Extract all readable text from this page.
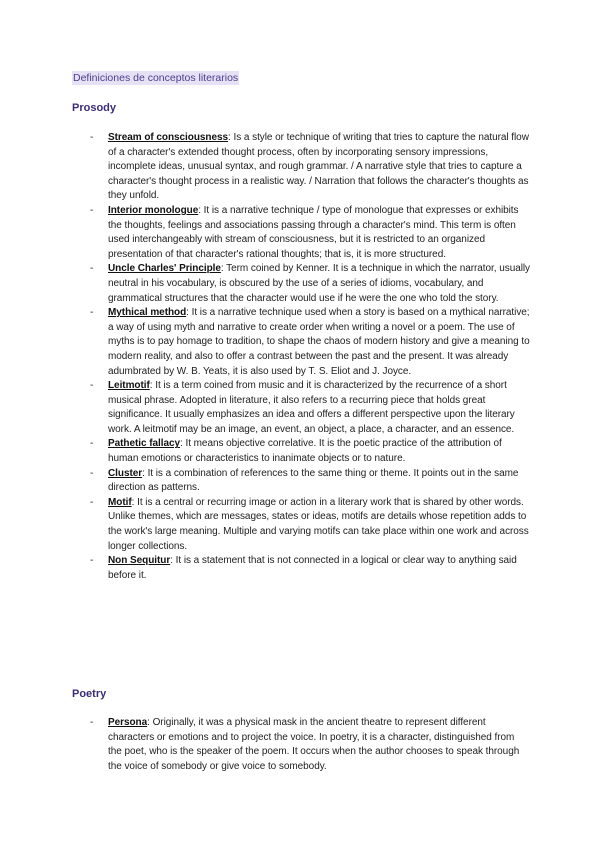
Definiciones de conceptos literarios
Prosody
- Stream of consciousness: Is a style or technique of writing that tries to capture the natural flow of a character's extended thought process, often by incorporating sensory impressions, incomplete ideas, unusual syntax, and rough grammar. / A narrative style that tries to capture a character's thought process in a realistic way. / Narration that follows the character's thoughts as they unfold.
- Interior monologue: It is a narrative technique / type of monologue that expresses or exhibits the thoughts, feelings and associations passing through a character's mind. This term is often used interchangeably with stream of consciousness, but it is restricted to an organized presentation of that character's rational thoughts; that is, it is more structured.
- Uncle Charles' Principle: Term coined by Kenner. It is a technique in which the narrator, usually neutral in his vocabulary, is obscured by the use of a series of idioms, vocabulary, and grammatical structures that the character would use if he were the one who told the story.
- Mythical method: It is a narrative technique used when a story is based on a mythical narrative; a way of using myth and narrative to create order when writing a novel or a poem. The use of myths is to pay homage to tradition, to shape the chaos of modern history and give a meaning to modern reality, and also to offer a contrast between the past and the present. It was already adumbrated by W. B. Yeats, it is also used by T. S. Eliot and J. Joyce.
- Leitmotif: It is a term coined from music and it is characterized by the recurrence of a short musical phrase. Adopted in literature, it also refers to a recurring piece that holds great significance. It usually emphasizes an idea and offers a different perspective upon the literary work. A leitmotif may be an image, an event, an object, a place, a character, and an essence.
- Pathetic fallacy: It means objective correlative. It is the poetic practice of the attribution of human emotions or characteristics to inanimate objects or to nature.
- Cluster: It is a combination of references to the same thing or theme. It points out in the same direction as patterns.
- Motif: It is a central or recurring image or action in a literary work that is shared by other words. Unlike themes, which are messages, states or ideas, motifs are details whose repetition adds to the work's large meaning. Multiple and varying motifs can take place within one work and across longer collections.
- Non Sequitur: It is a statement that is not connected in a logical or clear way to anything said before it.
Poetry
- Persona: Originally, it was a physical mask in the ancient theatre to represent different characters or emotions and to project the voice. In poetry, it is a character, distinguished from the poet, who is the speaker of the poem. It occurs when the author chooses to speak through the voice of somebody or give voice to somebody.
